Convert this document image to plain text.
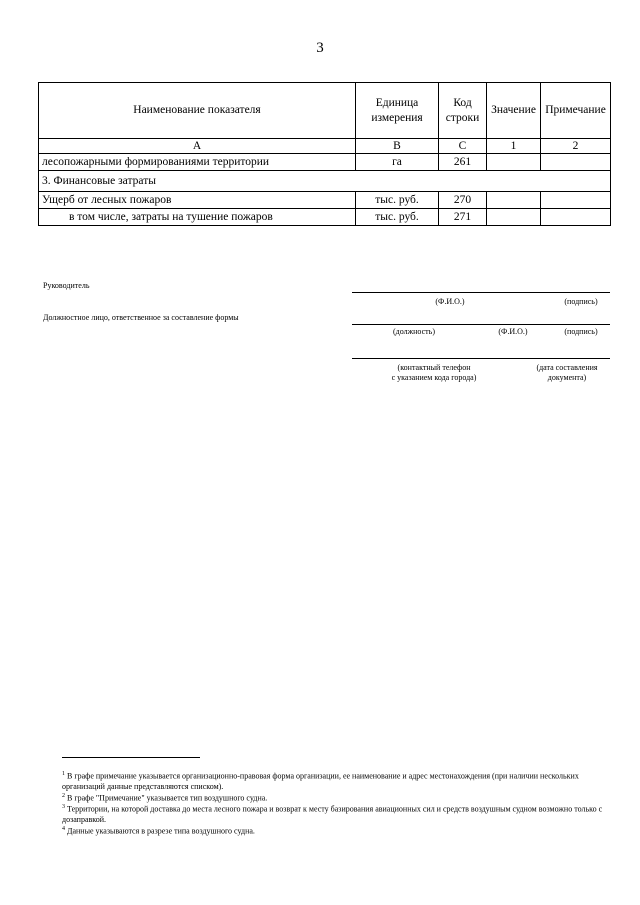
3
Наименование показателя	Единица измерения	Код строки	Значение	Примечание
А	В	С	1	2
лесопожарными формированиями территории	га	261		
3. Финансовые затраты				
Ущерб от лесных пожаров	тыс. руб.	270		
в том числе, затраты на тушение пожаров	тыс. руб.	271		
Руководитель
(Ф.И.О.)	(подпись)
Должностное лицо, ответственное за составление формы
(должность)	(Ф.И.О.)	(подпись)
(контактный телефон
с указанием кода города)
(дата составления
документа)

$^1$ В графе примечание указывается организационно-правовая форма организации, ее наименование и адрес местонахождения (при наличии нескольких организаций данные представляются списком).

$^2$ В графе "Примечание" указывается тип воздушного судна.

$^3$ Территории, на которой доставка до места лесного пожара и возврат к месту базирования авиационных сил и средств воздушным судном возможно только с дозаправкой.

$^4$ Данные указываются в разрезе типа воздушного судна.
